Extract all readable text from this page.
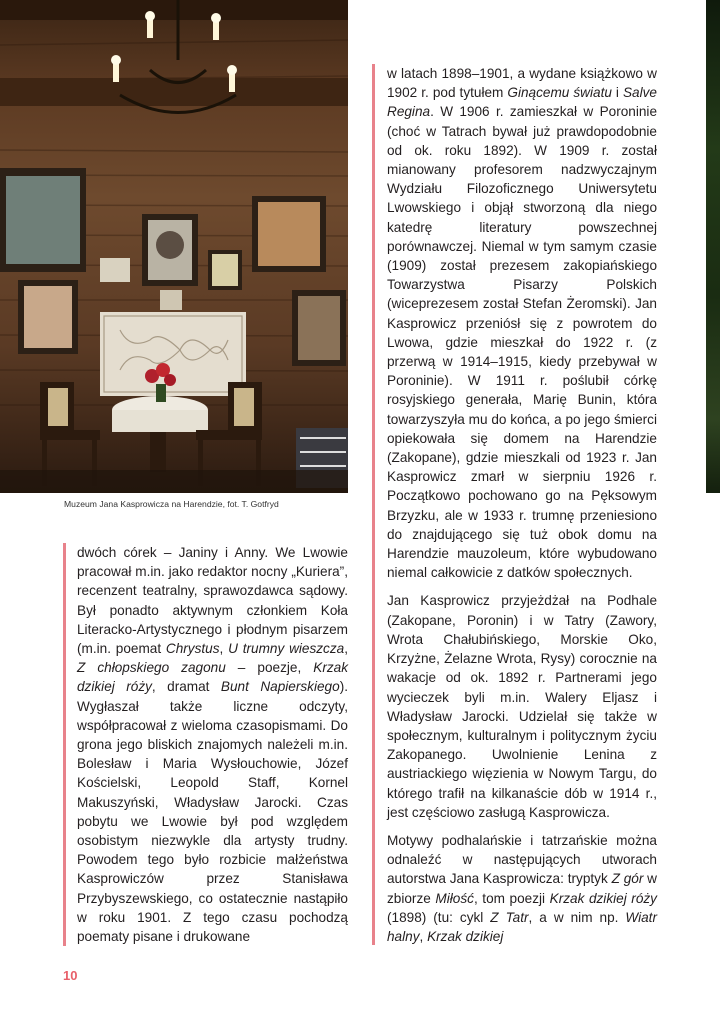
Muzeum Jana Kasprowicza na Harendzie, fot. T. Gotfryd

dwóch córek – Janiny i Anny. We Lwowie pracował m.in. jako redaktor nocny „Kuriera”, recenzent teatralny, sprawozdawca sądowy. Był ponadto aktywnym członkiem Koła Literacko-Artystycznego i płodnym pisarzem (m.in. poemat Chrystus, U trumny wieszcza, Z chłopskiego zagonu – poezje, Krzak dzikiej róży, dramat Bunt Napierskiego). Wygłaszał także liczne odczyty, współpracował z wieloma czasopismami. Do grona jego bliskich znajomych należeli m.in. Bolesław i Maria Wysłouchowie, Józef Kościelski, Leopold Staff, Kornel Makuszyński, Władysław Jarocki. Czas pobytu we Lwowie był pod względem osobistym niezwykle dla artysty trudny. Powodem tego było rozbicie małżeństwa Kasprowiczów przez Stanisława Przybyszewskiego, co ostatecznie nastąpiło w roku 1901. Z tego czasu pochodzą poematy pisane i drukowane

w latach 1898–1901, a wydane książkowo w 1902 r. pod tytułem Ginącemu światu i Salve Regina. W 1906 r. zamieszkał w Poroninie (choć w Tatrach bywał już prawdopodobnie od ok. roku 1892). W 1909 r. został mianowany profesorem nadzwyczajnym Wydziału Filozoficznego Uniwersytetu Lwowskiego i objął stworzoną dla niego katedrę literatury powszechnej porównawczej. Niemal w tym samym czasie (1909) został prezesem zakopiańskiego Towarzystwa Pisarzy Polskich (wiceprezesem został Stefan Żeromski). Jan Kasprowicz przeniósł się z powrotem do Lwowa, gdzie mieszkał do 1922 r. (z przerwą w 1914–1915, kiedy przebywał w Poroninie). W 1911 r. poślubił córkę rosyjskiego generała, Marię Bunin, która towarzyszyła mu do końca, a po jego śmierci opiekowała się domem na Harendzie (Zakopane), gdzie mieszkali od 1923 r. Jan Kasprowicz zmarł w sierpniu 1926 r. Początkowo pochowano go na Pęksowym Brzyzku, ale w 1933 r. trumnę przeniesiono do znajdującego się tuż obok domu na Harendzie mauzoleum, które wybudowano niemal całkowicie z datków społecznych.

Jan Kasprowicz przyjeżdżał na Podhale (Zakopane, Poronin) i w Tatry (Zawory, Wrota Chałubińskiego, Morskie Oko, Krzyżne, Żelazne Wrota, Rysy) corocznie na wakacje od ok. 1892 r. Partnerami jego wycieczek byli m.in. Walery Eljasz i Władysław Jarocki. Udzielał się także w społecznym, kulturalnym i politycznym życiu Zakopanego. Uwolnienie Lenina z austriackiego więzienia w Nowym Targu, do którego trafił na kilkanaście dób w 1914 r., jest częściowo zasługą Kasprowicza.

Motywy podhalańskie i tatrzańskie można odnaleźć w następujących utworach autorstwa Jana Kasprowicza: tryptyk Z gór w zbiorze Miłość, tom poezji Krzak dzikiej róży (1898) (tu: cykl Z Tatr, a w nim np. Wiatr halny, Krzak dzikiej

10
